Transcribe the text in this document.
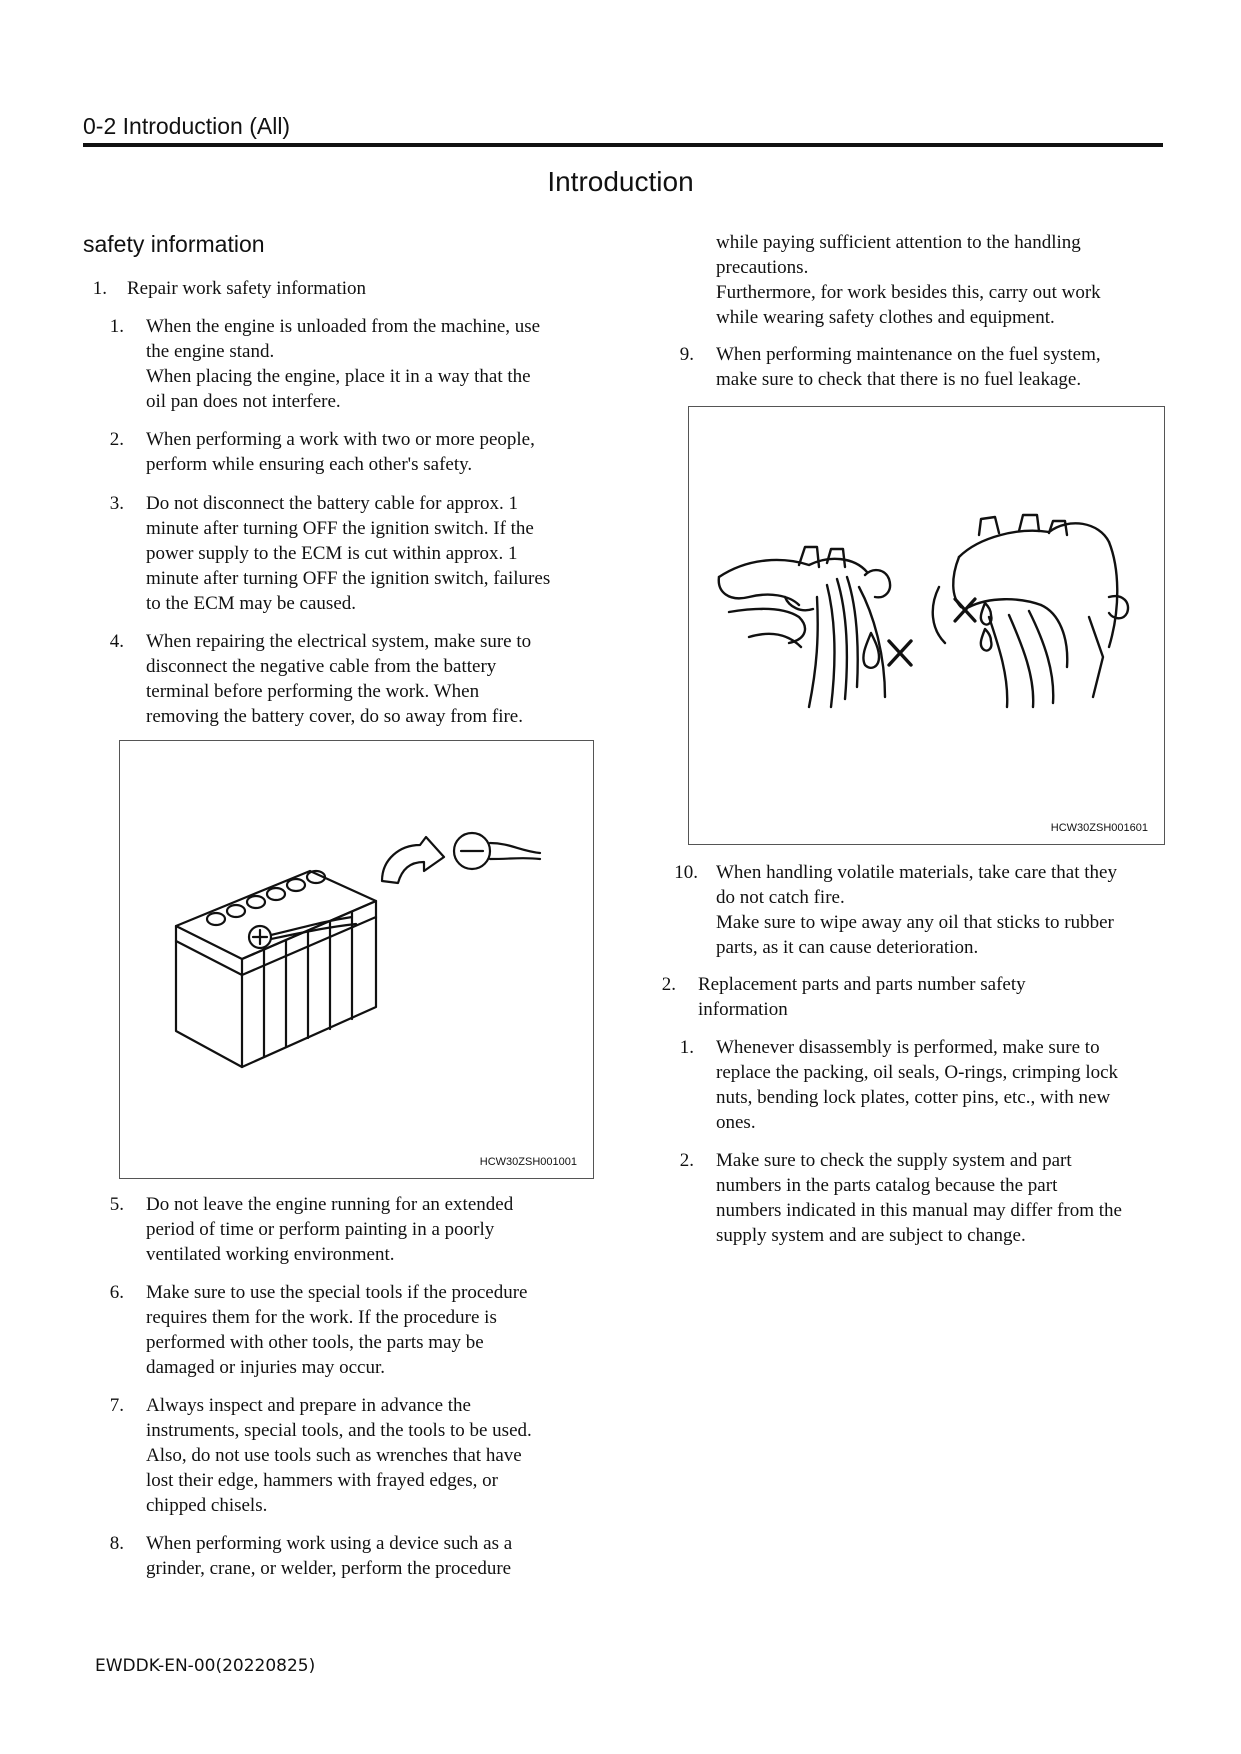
0-2 Introduction (All)
Introduction
safety information
1. Repair work safety information
1. When the engine is unloaded from the machine, use
the engine stand.
When placing the engine, place it in a way that the
oil pan does not interfere.
2. When performing a work with two or more people,
perform while ensuring each other's safety.
3. Do not disconnect the battery cable for approx. 1
minute after turning OFF the ignition switch. If the
power supply to the ECM is cut within approx. 1
minute after turning OFF the ignition switch, failures
to the ECM may be caused.
4. When repairing the electrical system, make sure to
disconnect the negative cable from the battery
terminal before performing the work. When
removing the battery cover, do so away from fire.
HCW30ZSH001001
5. Do not leave the engine running for an extended
period of time or perform painting in a poorly
ventilated working environment.
6. Make sure to use the special tools if the procedure
requires them for the work. If the procedure is
performed with other tools, the parts may be
damaged or injuries may occur.
7. Always inspect and prepare in advance the
instruments, special tools, and the tools to be used.
Also, do not use tools such as wrenches that have
lost their edge, hammers with frayed edges, or
chipped chisels.
8. When performing work using a device such as a
grinder, crane, or welder, perform the procedure
while paying sufficient attention to the handling
precautions.
Furthermore, for work besides this, carry out work
while wearing safety clothes and equipment.
9. When performing maintenance on the fuel system,
make sure to check that there is no fuel leakage.
HCW30ZSH001601
10. When handling volatile materials, take care that they
do not catch fire.
Make sure to wipe away any oil that sticks to rubber
parts, as it can cause deterioration.
2. Replacement parts and parts number safety
information
1. Whenever disassembly is performed, make sure to
replace the packing, oil seals, O-rings, crimping lock
nuts, bending lock plates, cotter pins, etc., with new
ones.
2. Make sure to check the supply system and part
numbers in the parts catalog because the part
numbers indicated in this manual may differ from the
supply system and are subject to change.
EWDDK-EN-00(20220825)
